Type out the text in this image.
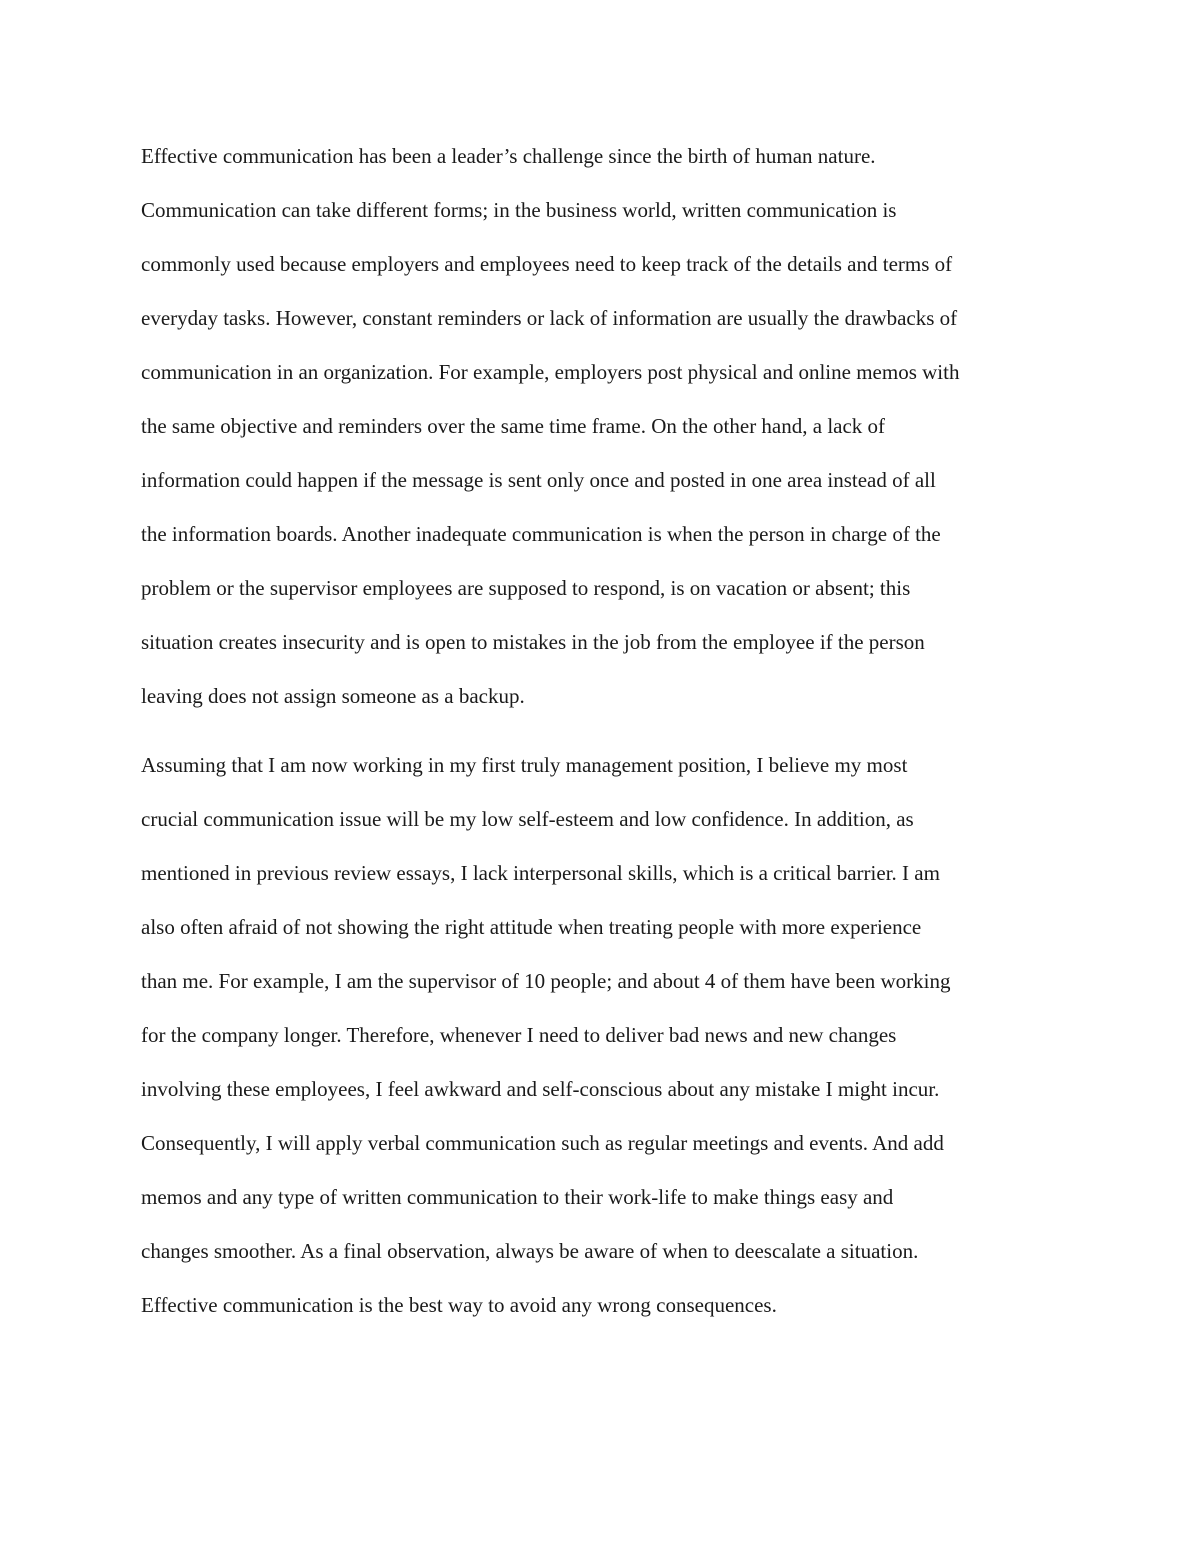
Effective communication has been a leader’s challenge since the birth of human nature.
Communication can take different forms; in the business world, written communication is
commonly used because employers and employees need to keep track of the details and terms of
everyday tasks. However, constant reminders or lack of information are usually the drawbacks of
communication in an organization. For example, employers post physical and online memos with
the same objective and reminders over the same time frame. On the other hand, a lack of
information could happen if the message is sent only once and posted in one area instead of all
the information boards. Another inadequate communication is when the person in charge of the
problem or the supervisor employees are supposed to respond, is on vacation or absent; this
situation creates insecurity and is open to mistakes in the job from the employee if the person
leaving does not assign someone as a backup.
Assuming that I am now working in my first truly management position, I believe my most
crucial communication issue will be my low self-esteem and low confidence. In addition, as
mentioned in previous review essays, I lack interpersonal skills, which is a critical barrier. I am
also often afraid of not showing the right attitude when treating people with more experience
than me. For example, I am the supervisor of 10 people; and about 4 of them have been working
for the company longer. Therefore, whenever I need to deliver bad news and new changes
involving these employees, I feel awkward and self-conscious about any mistake I might incur.
Consequently, I will apply verbal communication such as regular meetings and events. And add
memos and any type of written communication to their work-life to make things easy and
changes smoother. As a final observation, always be aware of when to deescalate a situation.
Effective communication is the best way to avoid any wrong consequences.
